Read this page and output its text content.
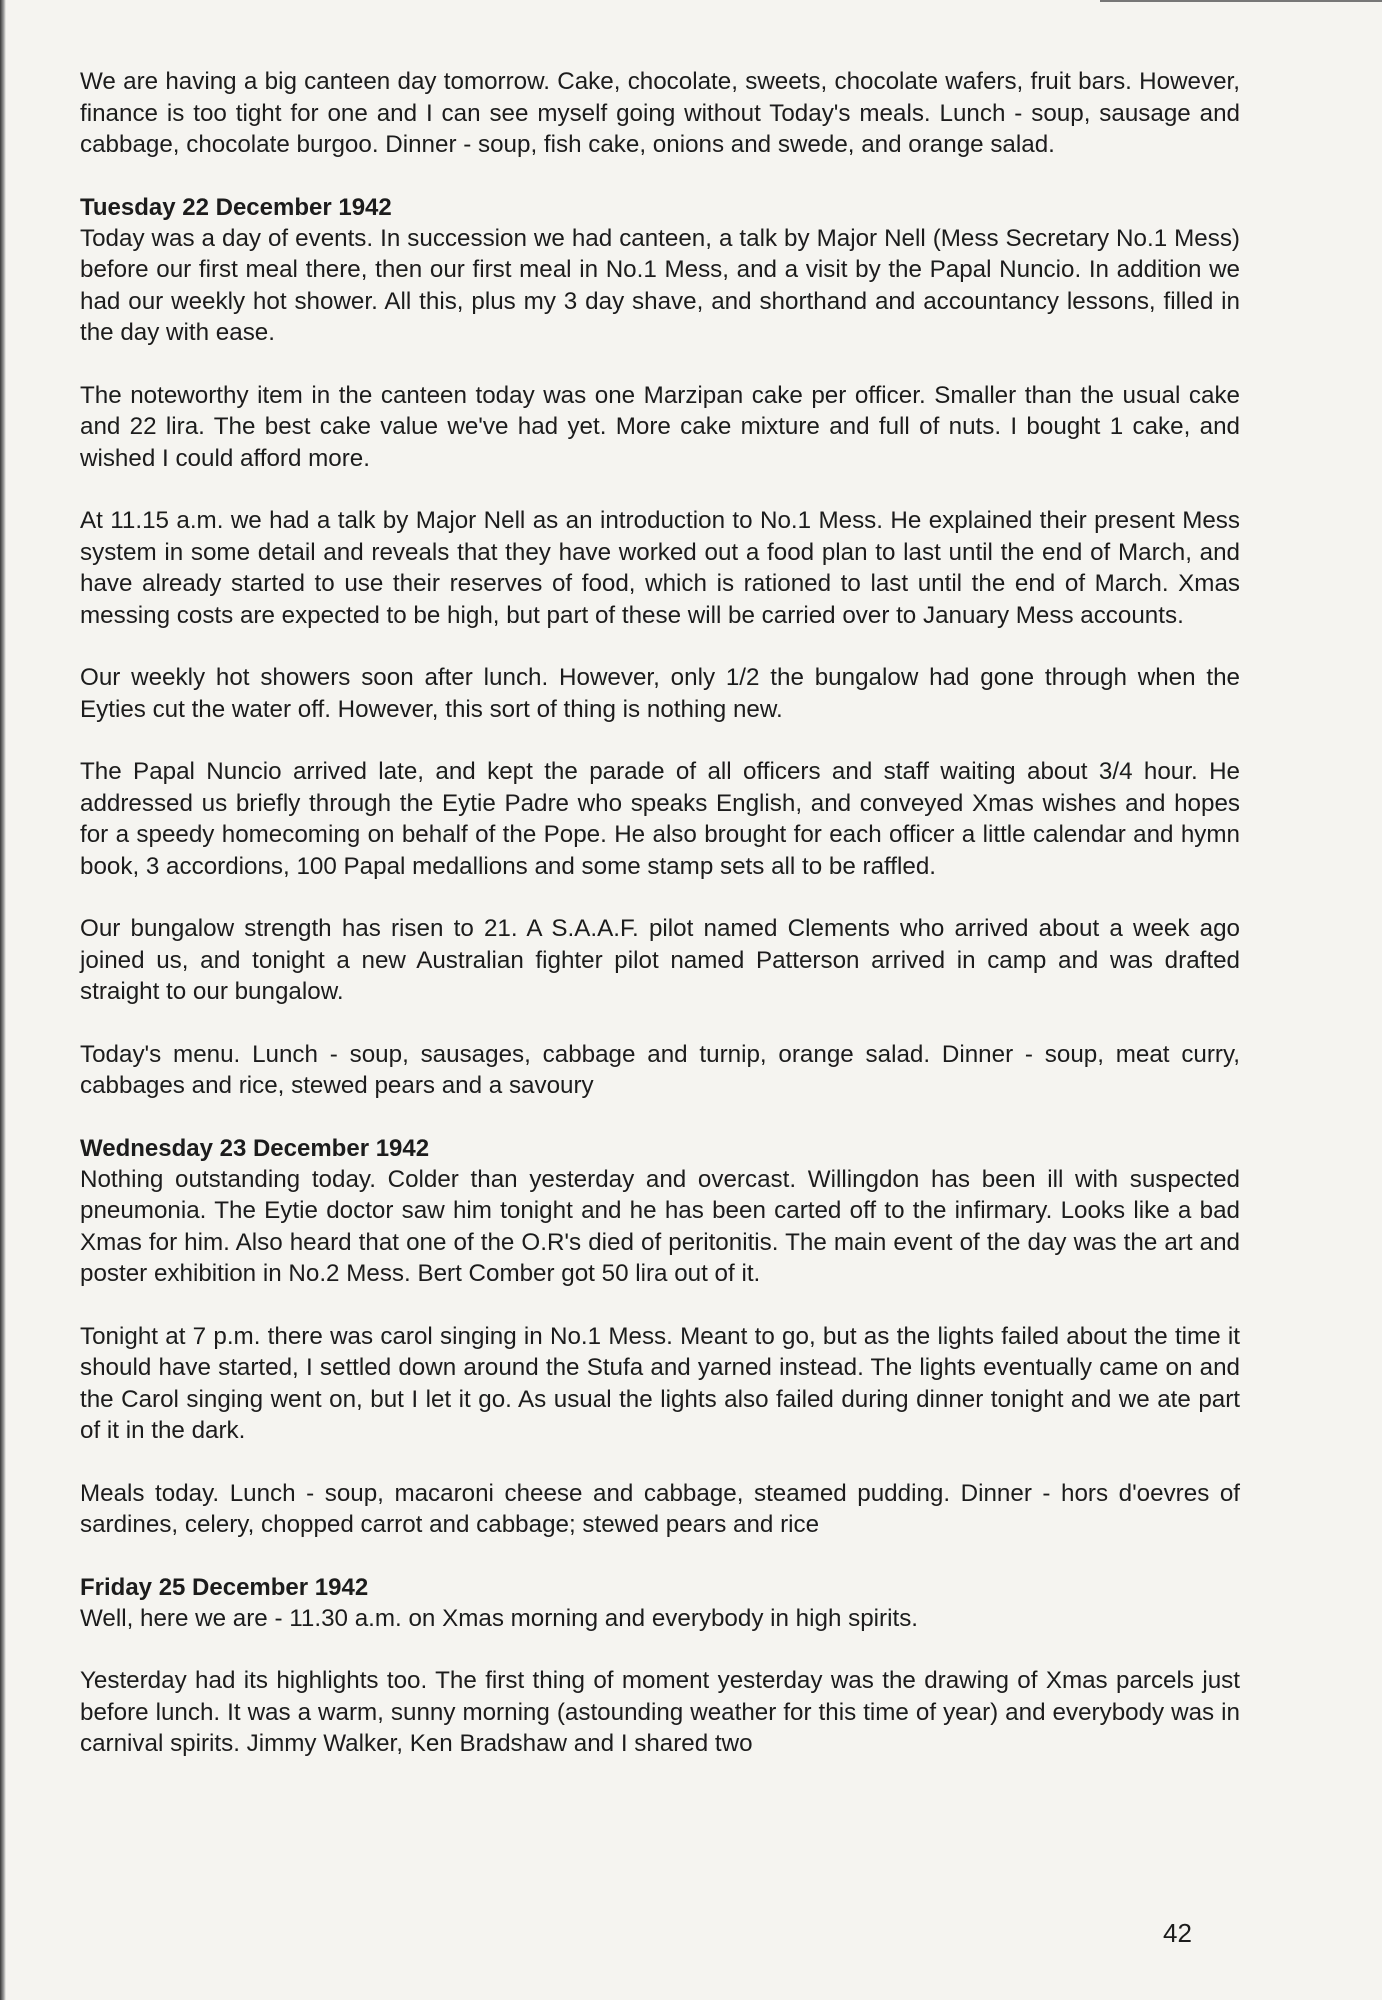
We are having a big canteen day tomorrow. Cake, chocolate, sweets, chocolate wafers, fruit bars. However, finance is too tight for one and I can see myself going without Today's meals. Lunch - soup, sausage and cabbage, chocolate burgoo. Dinner - soup, fish cake, onions and swede, and orange salad.

Tuesday 22 December 1942

Today was a day of events. In succession we had canteen, a talk by Major Nell (Mess Secretary No.1 Mess) before our first meal there, then our first meal in No.1 Mess, and a visit by the Papal Nuncio. In addition we had our weekly hot shower. All this, plus my 3 day shave, and shorthand and accountancy lessons, filled in the day with ease.

The noteworthy item in the canteen today was one Marzipan cake per officer. Smaller than the usual cake and 22 lira. The best cake value we've had yet. More cake mixture and full of nuts. I bought 1 cake, and wished I could afford more.

At 11.15 a.m. we had a talk by Major Nell as an introduction to No.1 Mess. He explained their present Mess system in some detail and reveals that they have worked out a food plan to last until the end of March, and have already started to use their reserves of food, which is rationed to last until the end of March. Xmas messing costs are expected to be high, but part of these will be carried over to January Mess accounts.

Our weekly hot showers soon after lunch. However, only 1/2 the bungalow had gone through when the Eyties cut the water off. However, this sort of thing is nothing new.

The Papal Nuncio arrived late, and kept the parade of all officers and staff waiting about 3/4 hour. He addressed us briefly through the Eytie Padre who speaks English, and conveyed Xmas wishes and hopes for a speedy homecoming on behalf of the Pope. He also brought for each officer a little calendar and hymn book, 3 accordions, 100 Papal medallions and some stamp sets all to be raffled.

Our bungalow strength has risen to 21. A S.A.A.F. pilot named Clements who arrived about a week ago joined us, and tonight a new Australian fighter pilot named Patterson arrived in camp and was drafted straight to our bungalow.

Today's menu. Lunch - soup, sausages, cabbage and turnip, orange salad. Dinner - soup, meat curry, cabbages and rice, stewed pears and a savoury

Wednesday 23 December 1942

Nothing outstanding today. Colder than yesterday and overcast. Willingdon has been ill with suspected pneumonia. The Eytie doctor saw him tonight and he has been carted off to the infirmary. Looks like a bad Xmas for him. Also heard that one of the O.R's died of peritonitis. The main event of the day was the art and poster exhibition in No.2 Mess. Bert Comber got 50 lira out of it.

Tonight at 7 p.m. there was carol singing in No.1 Mess. Meant to go, but as the lights failed about the time it should have started, I settled down around the Stufa and yarned instead. The lights eventually came on and the Carol singing went on, but I let it go. As usual the lights also failed during dinner tonight and we ate part of it in the dark.

Meals today. Lunch - soup, macaroni cheese and cabbage, steamed pudding. Dinner - hors d'oevres of sardines, celery, chopped carrot and cabbage; stewed pears and rice

Friday 25 December 1942

Well, here we are - 11.30 a.m. on Xmas morning and everybody in high spirits.

Yesterday had its highlights too. The first thing of moment yesterday was the drawing of Xmas parcels just before lunch. It was a warm, sunny morning (astounding weather for this time of year) and everybody was in carnival spirits. Jimmy Walker, Ken Bradshaw and I shared two

42
